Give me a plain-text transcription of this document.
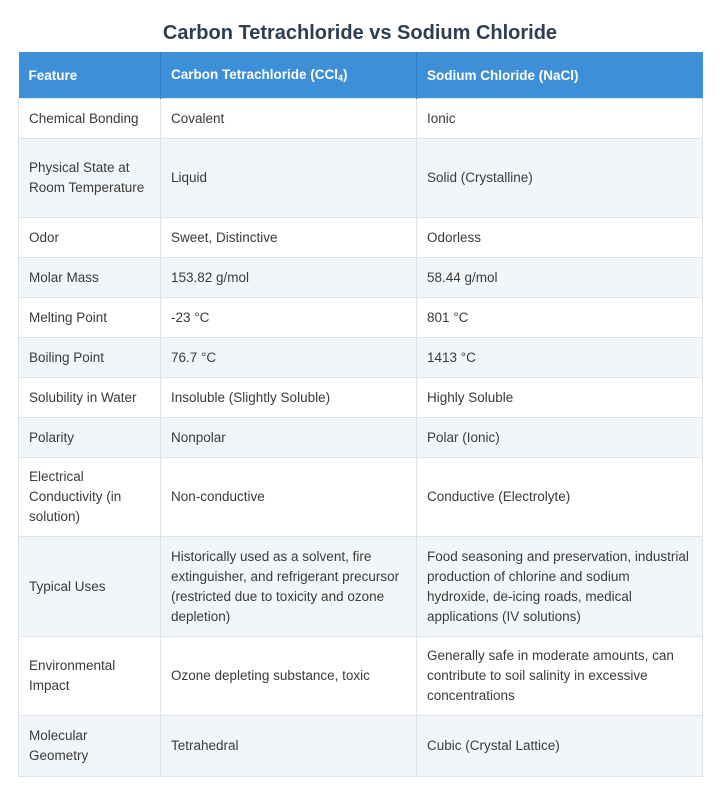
Carbon Tetrachloride vs Sodium Chloride
Feature	Carbon Tetrachloride (CCl$_4$)	Sodium Chloride (NaCl)
Chemical Bonding	Covalent	Ionic
Physical State at Room Temperature	Liquid	Solid (Crystalline)
Odor	Sweet, Distinctive	Odorless
Molar Mass	153.82 g/mol	58.44 g/mol
Melting Point	-23 °C	801 °C
Boiling Point	76.7 °C	1413 °C
Solubility in Water	Insoluble (Slightly Soluble)	Highly Soluble
Polarity	Nonpolar	Polar (Ionic)
Electrical Conductivity (in solution)	Non-conductive	Conductive (Electrolyte)
Typical Uses	Historically used as a solvent, fire extinguisher, and refrigerant precursor (restricted due to toxicity and ozone depletion)	Food seasoning and preservation, industrial production of chlorine and sodium hydroxide, de-icing roads, medical applications (IV solutions)
Environmental Impact	Ozone depleting substance, toxic	Generally safe in moderate amounts, can contribute to soil salinity in excessive concentrations
Molecular Geometry	Tetrahedral	Cubic (Crystal Lattice)
